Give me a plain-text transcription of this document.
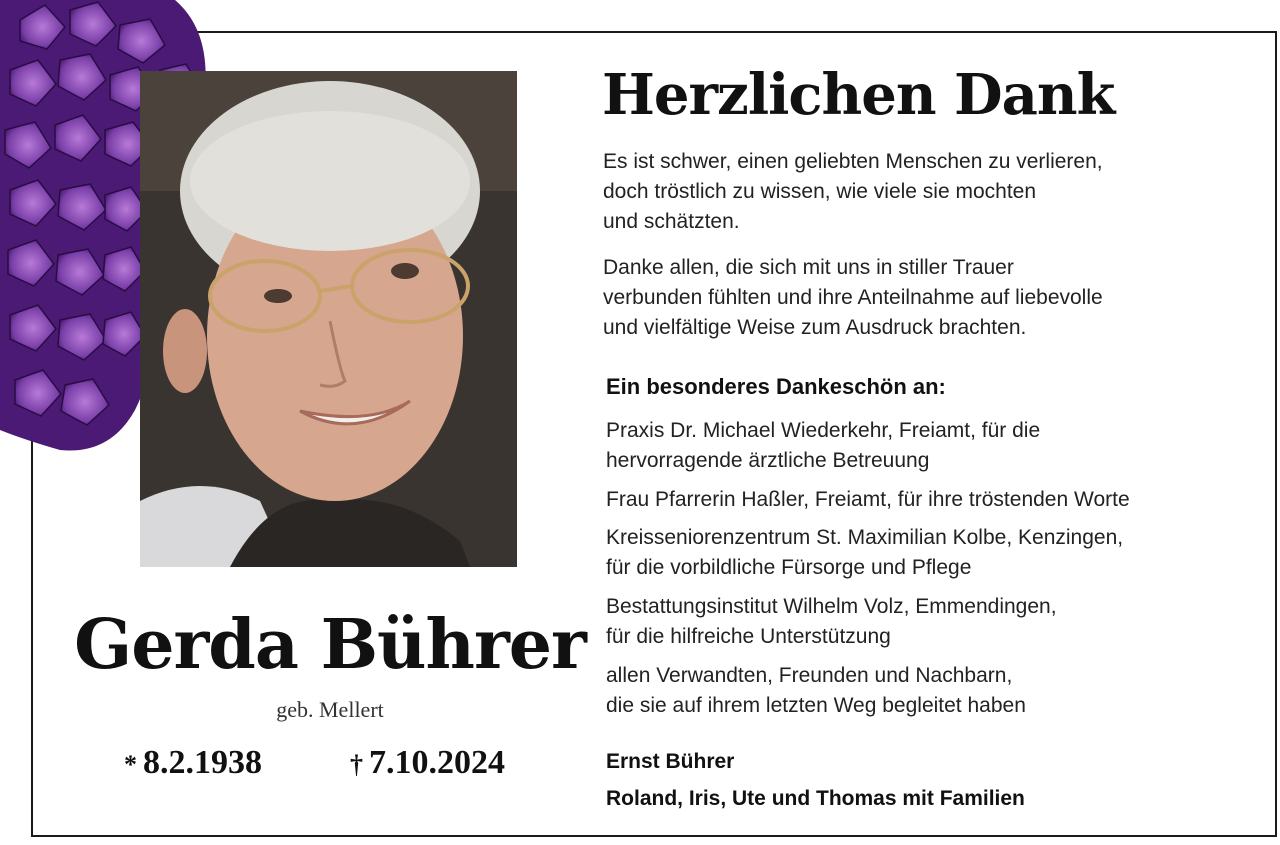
Gerda Bührer
geb. Mellert
* 8.2.1938	† 7.10.2024
Herzlichen Dank
Es ist schwer, einen geliebten Menschen zu verlieren,
doch tröstlich zu wissen, wie viele sie mochten
und schätzten.
Danke allen, die sich mit uns in stiller Trauer
verbunden fühlten und ihre Anteilnahme auf liebevolle
und vielfältige Weise zum Ausdruck brachten.
Ein besonderes Dankeschön an:
Praxis Dr. Michael Wiederkehr, Freiamt, für die
hervorragende ärztliche Betreuung
Frau Pfarrerin Haßler, Freiamt, für ihre tröstenden Worte
Kreisseniorenzentrum St. Maximilian Kolbe, Kenzingen,
für die vorbildliche Fürsorge und Pflege
Bestattungsinstitut Wilhelm Volz, Emmendingen,
für die hilfreiche Unterstützung
allen Verwandten, Freunden und Nachbarn,
die sie auf ihrem letzten Weg begleitet haben
Ernst Bührer
Roland, Iris, Ute und Thomas mit Familien
